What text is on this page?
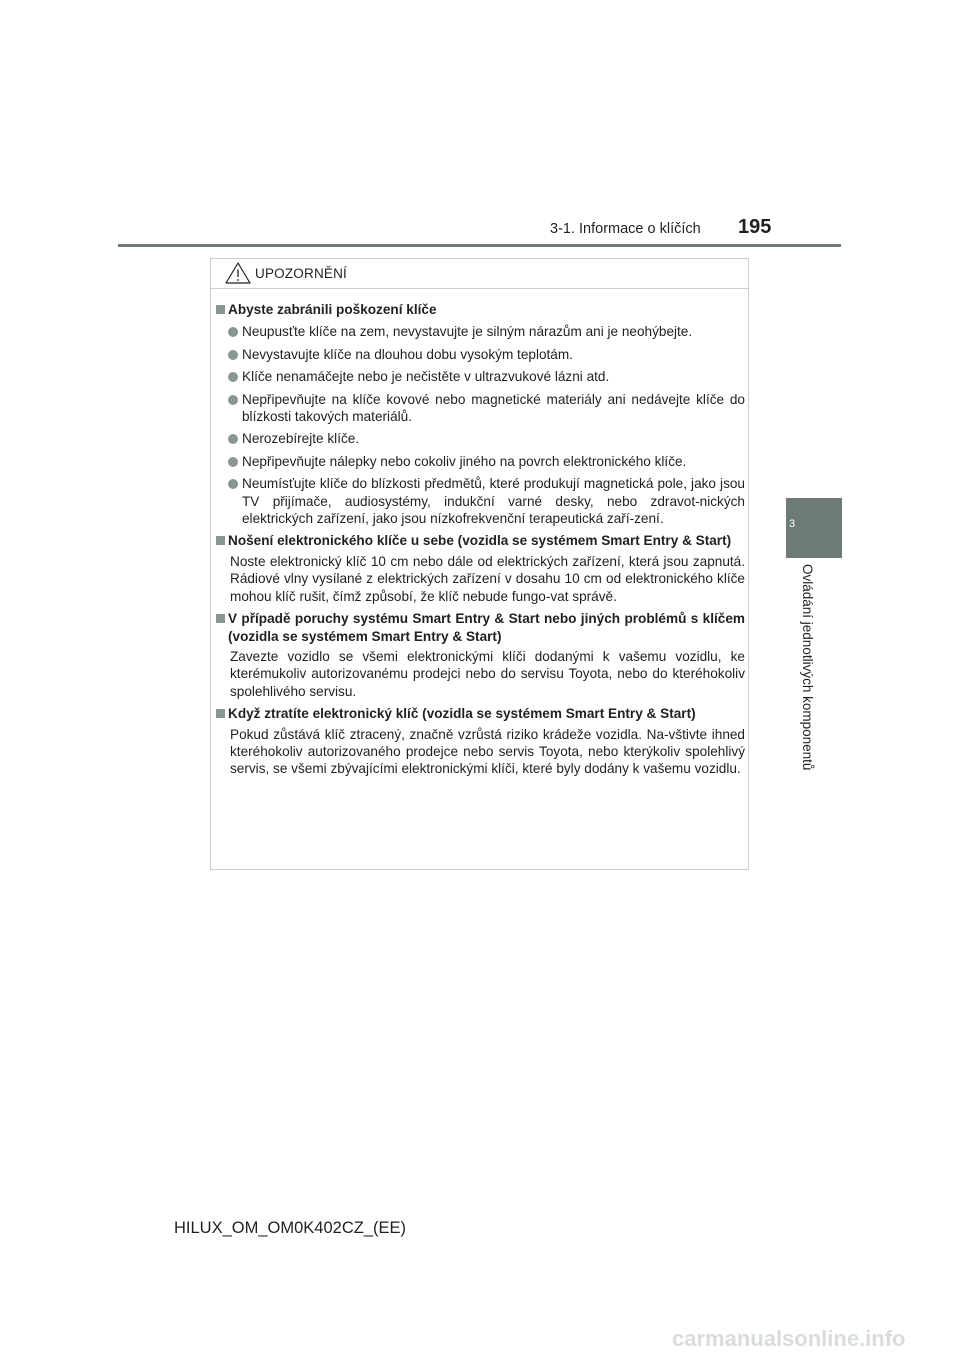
3-1. Informace o klíčích 195
3
Ovládání jednotlivých komponentů
UPOZORNĚNÍ
Abyste zabránili poškození klíče
Neupusťte klíče na zem, nevystavujte je silným nárazům ani je neohýbejte.
Nevystavujte klíče na dlouhou dobu vysokým teplotám.
Klíče nenamáčejte nebo je nečistěte v ultrazvukové lázni atd.
Nepřipevňujte na klíče kovové nebo magnetické materiály ani nedávejte klíče do blízkosti takových materiálů.
Nerozebírejte klíče.
Nepřipevňujte nálepky nebo cokoliv jiného na povrch elektronického klíče.
Neumísťujte klíče do blízkosti předmětů, které produkují magnetická pole, jako jsou TV přijímače, audiosystémy, indukční varné desky, nebo zdravot-nických elektrických zařízení, jako jsou nízkofrekvenční terapeutická zaří-zení.
Nošení elektronického klíče u sebe (vozidla se systémem Smart Entry & Start)
Noste elektronický klíč 10 cm nebo dále od elektrických zařízení, která jsou zapnutá. Rádiové vlny vysílané z elektrických zařízení v dosahu 10 cm od elektronického klíče mohou klíč rušit, čímž způsobí, že klíč nebude fungo-vat správě.
V případě poruchy systému Smart Entry & Start nebo jiných problémů s klíčem (vozidla se systémem Smart Entry & Start)
Zavezte vozidlo se všemi elektronickými klíči dodanými k vašemu vozidlu, ke kterémukoliv autorizovanému prodejci nebo do servisu Toyota, nebo do kteréhokoliv spolehlivého servisu.
Když ztratíte elektronický klíč (vozidla se systémem Smart Entry & Start)
Pokud zůstává klíč ztracený, značně vzrůstá riziko krádeže vozidla. Na-vštivte ihned kteréhokoliv autorizovaného prodejce nebo servis Toyota, nebo kterýkoliv spolehlivý servis, se všemi zbývajícími elektronickými klíči, které byly dodány k vašemu vozidlu.
HILUX_OM_OM0K402CZ_(EE)
carmanualsonline.info
